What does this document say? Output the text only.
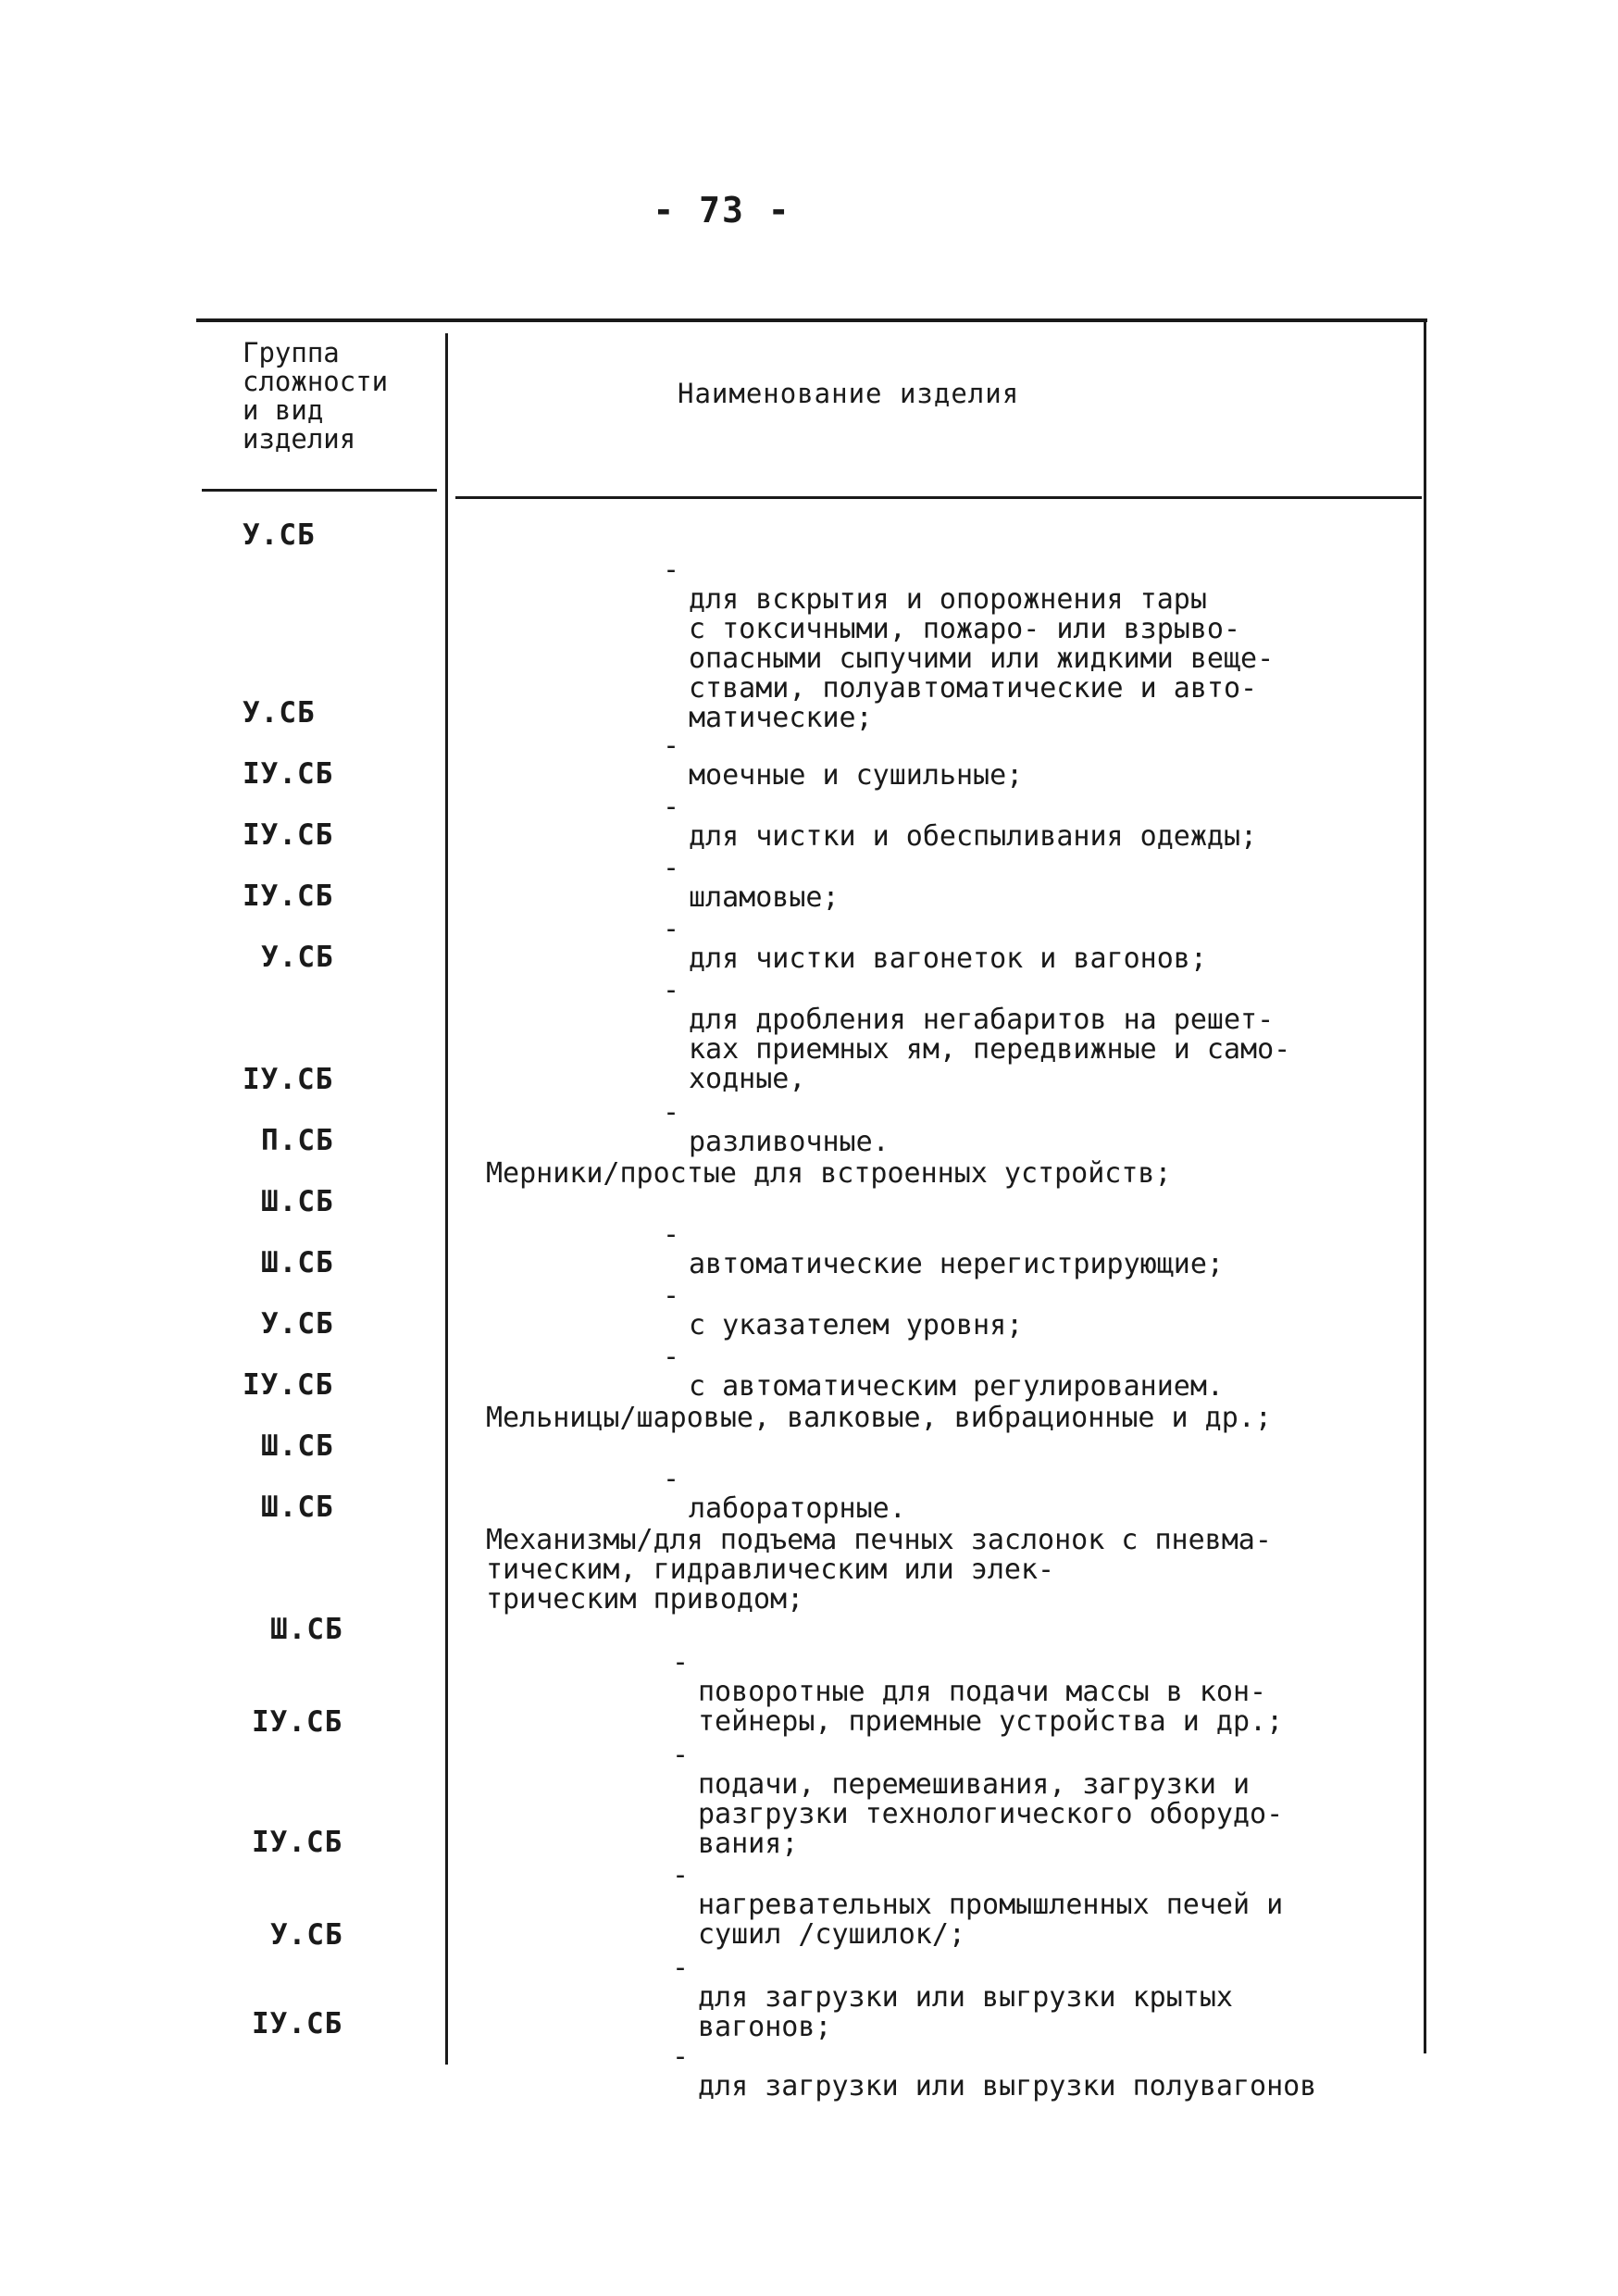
- 73 -
Группа
сложности
и вид
изделия
Наименование изделия
У.СБ

-

для вскрытия и опорожнения тары
с токсичными, пожаро- или взрыво-
опасными сыпучими или жидкими веще-
ствами, полуавтоматические и авто-
матические;

У.СБ

-

моечные и сушильные;

IУ.СБ

-

для чистки и обеспыливания одежды;

IУ.СБ

-

шламовые;

IУ.СБ

-

для чистки вагонеток и вагонов;

У.СБ

-

для дробления негабаритов на решет-
ках приемных ям, передвижные и само-
ходные,

IУ.СБ

-

разливочные.

П.СБ

Мерники/простые для встроенных устройств;

Ш.СБ

-

автоматические нерегистрирующие;

Ш.СБ

-

с указателем уровня;

У.СБ

-

с автоматическим регулированием.

IУ.СБ

Мельницы/шаровые, валковые, вибрационные и др.;

Ш.СБ

-

лабораторные.

Ш.СБ

Механизмы/для подъема печных заслонок с пневма-
тическим, гидравлическим или элек-
трическим приводом;

Ш.СБ

-

поворотные для подачи массы в кон-
тейнеры, приемные устройства и др.;

IУ.СБ

-

подачи, перемешивания, загрузки и
разгрузки технологического оборудо-
вания;

IУ.СБ

-

нагревательных промышленных печей и
сушил /сушилок/;

У.СБ

-

для загрузки или выгрузки крытых
вагонов;

IУ.СБ

-

для загрузки или выгрузки полувагонов
